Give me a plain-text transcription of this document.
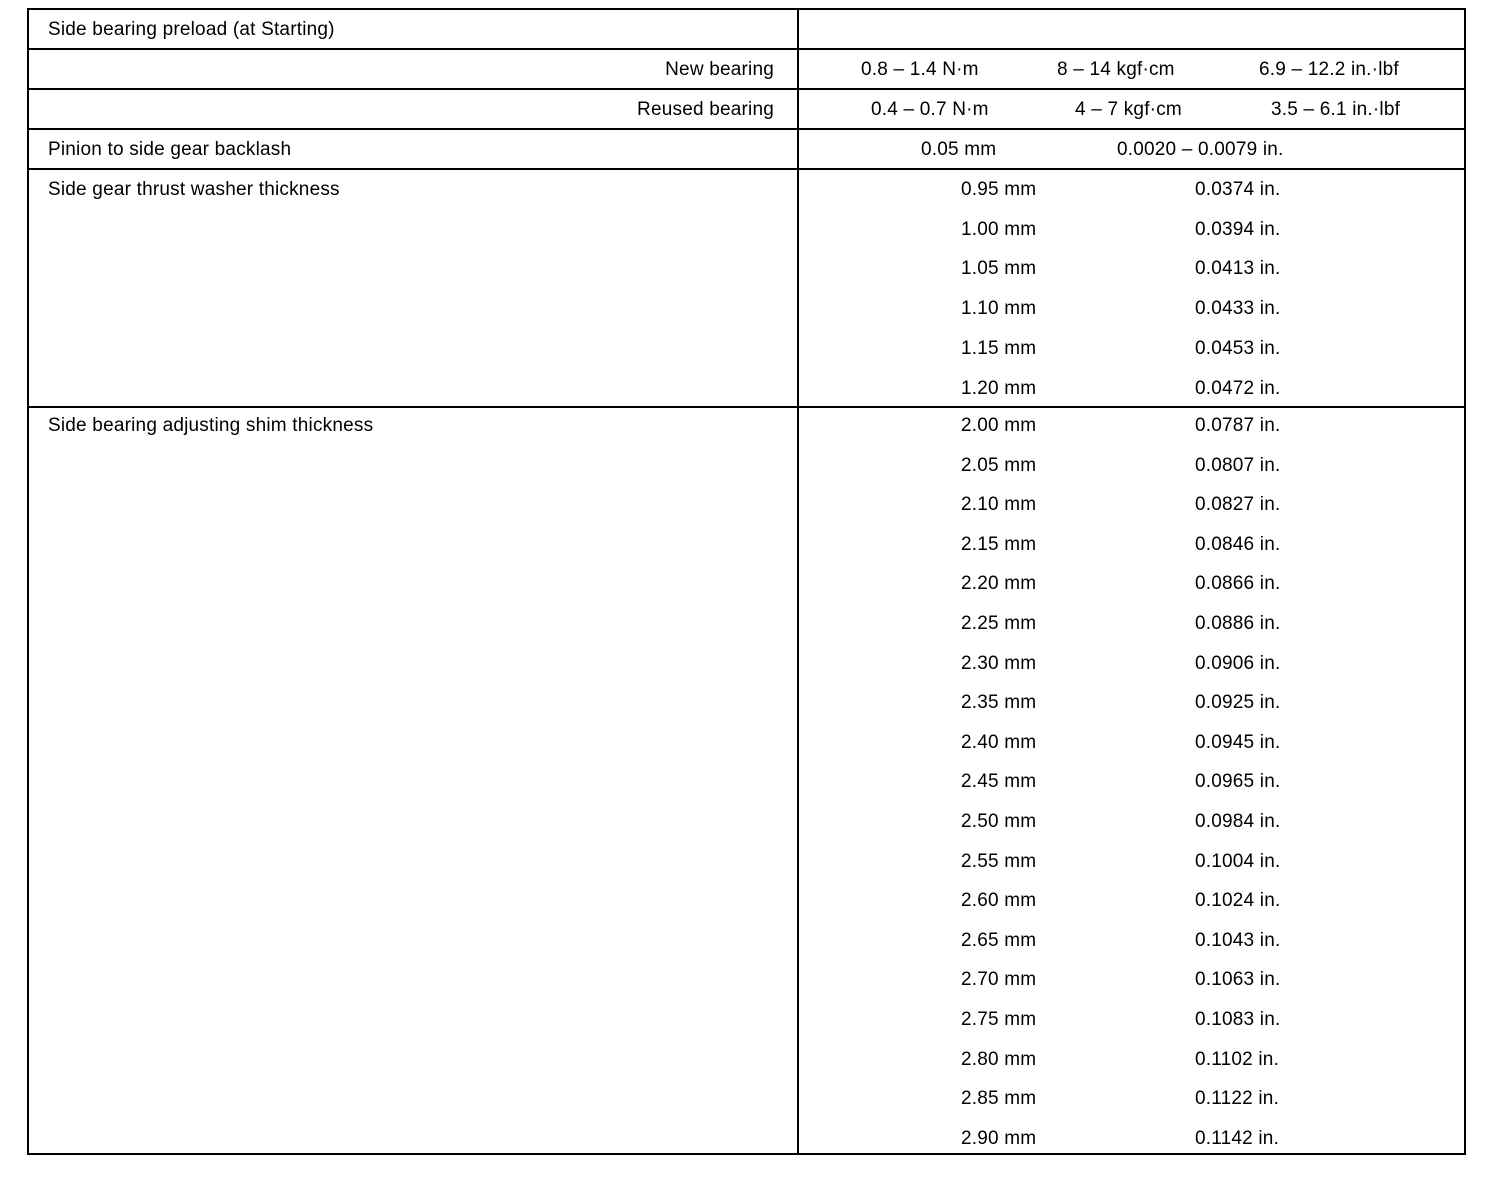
Side bearing preload (at Starting)
New bearing	0.8 – 1.4 N·m	8 – 14 kgf·cm	6.9 – 12.2 in.·lbf
Reused bearing	0.4 – 0.7 N·m	4 – 7 kgf·cm	3.5 – 6.1 in.·lbf
Pinion to side gear backlash	0.05 mm	0.0020 – 0.0079 in.
Side gear thrust washer thickness	0.95 mm	0.0374 in.
1.00 mm	0.0394 in.
1.05 mm	0.0413 in.
1.10 mm	0.0433 in.
1.15 mm	0.0453 in.
1.20 mm	0.0472 in.
Side bearing adjusting shim thickness	2.00 mm	0.0787 in.
2.05 mm	0.0807 in.
2.10 mm	0.0827 in.
2.15 mm	0.0846 in.
2.20 mm	0.0866 in.
2.25 mm	0.0886 in.
2.30 mm	0.0906 in.
2.35 mm	0.0925 in.
2.40 mm	0.0945 in.
2.45 mm	0.0965 in.
2.50 mm	0.0984 in.
2.55 mm	0.1004 in.
2.60 mm	0.1024 in.
2.65 mm	0.1043 in.
2.70 mm	0.1063 in.
2.75 mm	0.1083 in.
2.80 mm	0.1102 in.
2.85 mm	0.1122 in.
2.90 mm	0.1142 in.
